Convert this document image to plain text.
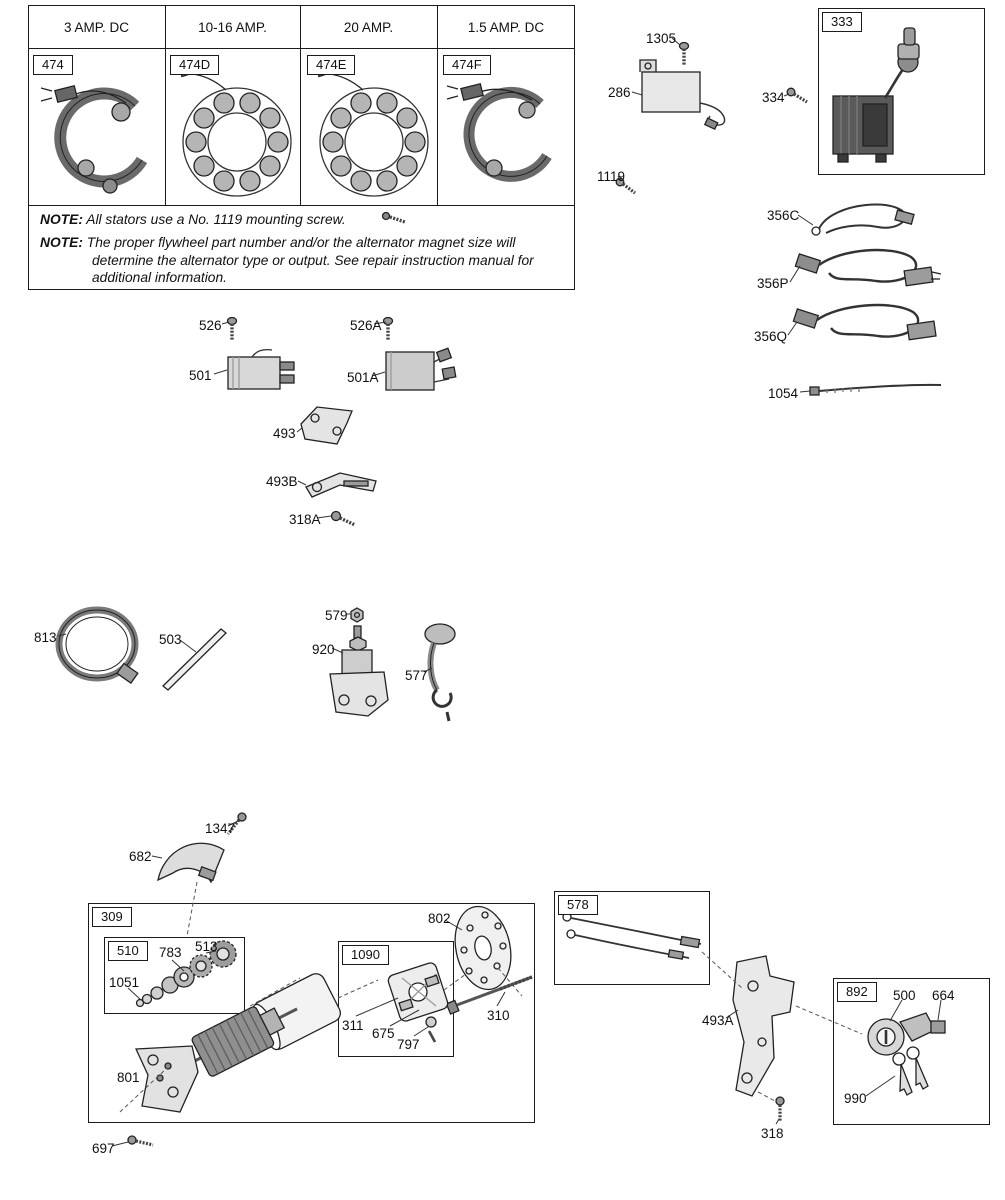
3 AMP. DC	10-16 AMP.	20 AMP.	1.5 AMP. DC
NOTE: All stators use a No. 1119 mounting screw.
NOTE: The proper flywheel part number and/or the alternator magnet size will determine the alternator type or output. See repair instruction manual for additional information.
333
1305
286	334
1119
356C
356P
356Q
1054
526	526A
501	501A
493
493B
318A
579
813	503
920
577
1347
682
309
510	783 513
1051
802
1090
311
675
797
310
801
697
578
493A
892	500 664
990
318
474	474D	474E	474F
